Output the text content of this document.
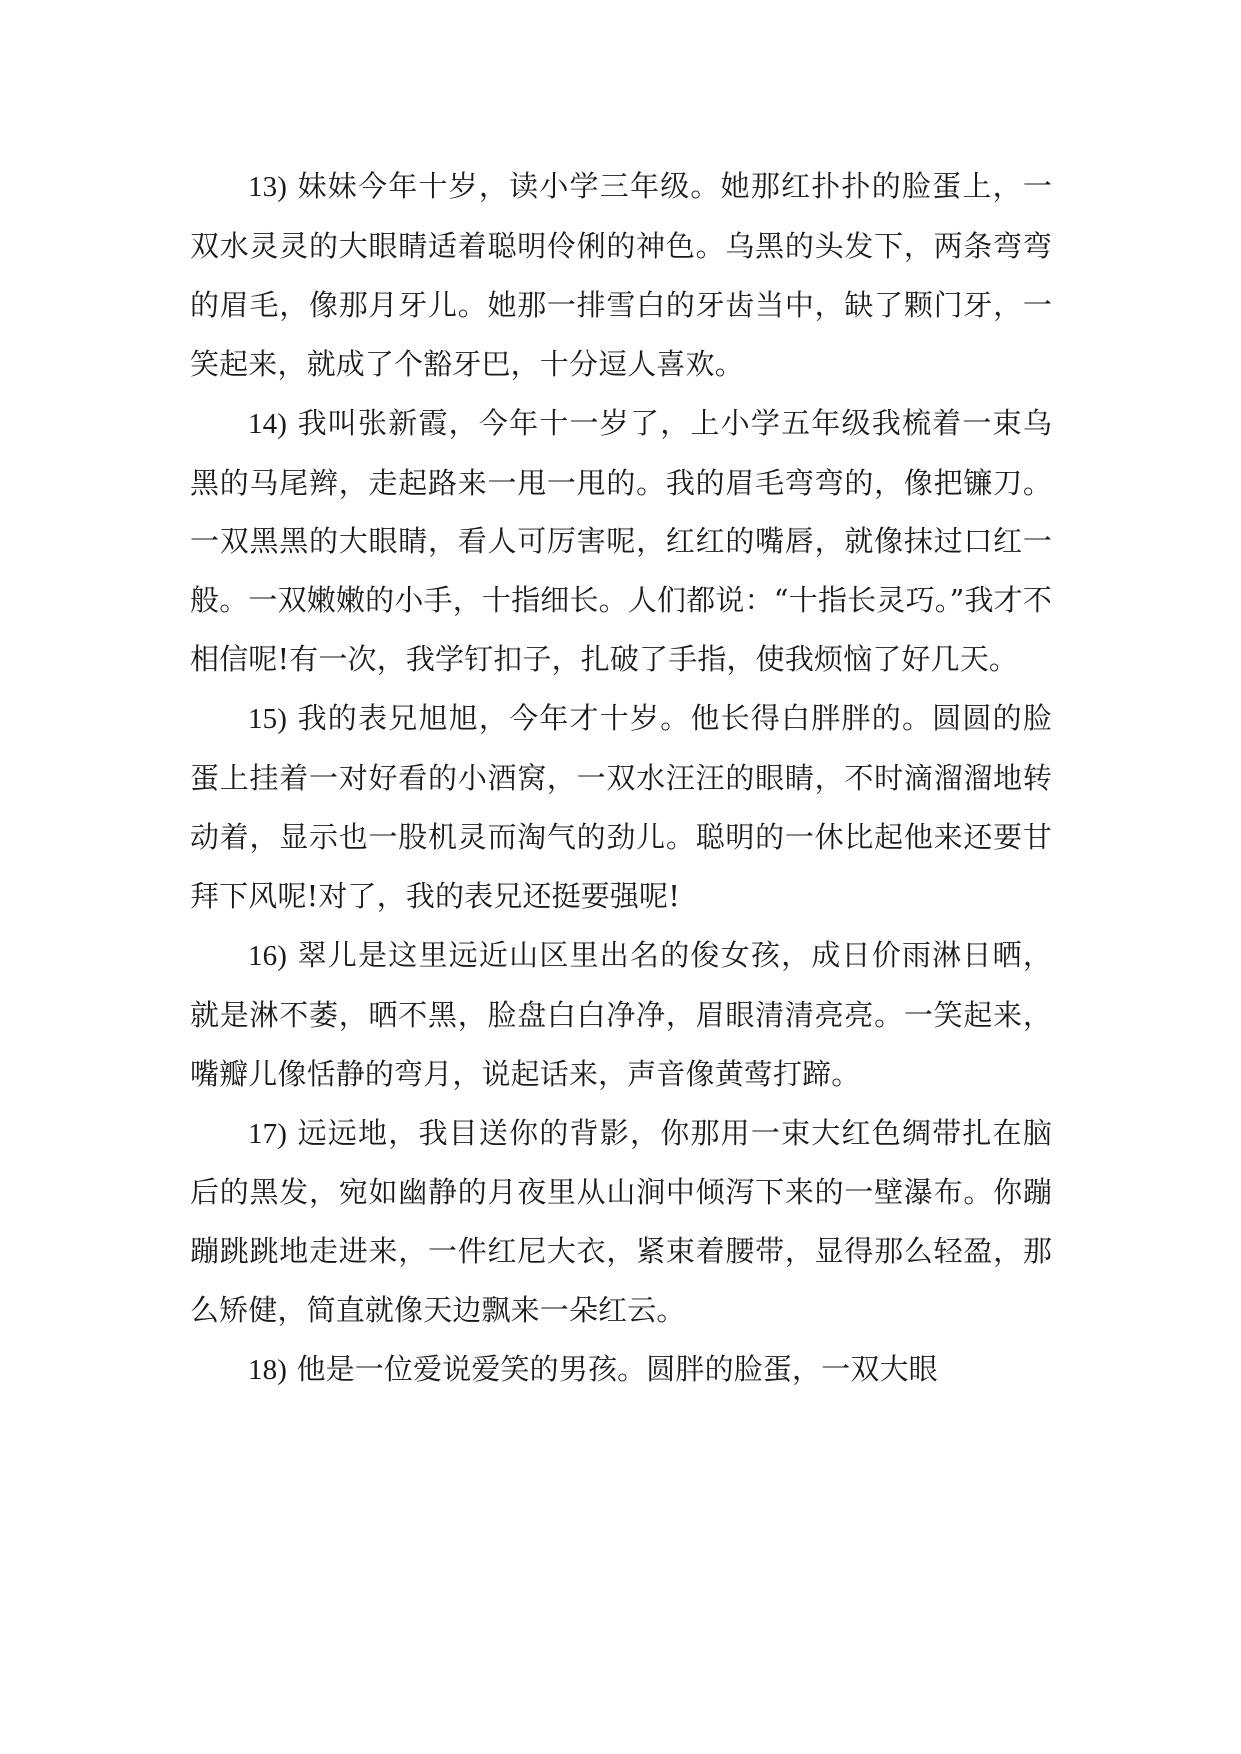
13) 妹妹今年十岁，读小学三年级。她那红扑扑的脸蛋上，一双水灵灵的大眼睛适着聪明伶俐的神色。乌黑的头发下，两条弯弯的眉毛，像那月牙儿。她那一排雪白的牙齿当中，缺了颗门牙，一笑起来，就成了个豁牙巴，十分逗人喜欢。

14) 我叫张新霞，今年十一岁了，上小学五年级我梳着一束乌黑的马尾辫，走起路来一甩一甩的。我的眉毛弯弯的，像把镰刀。一双黑黑的大眼睛，看人可厉害呢，红红的嘴唇，就像抹过口红一般。一双嫩嫩的小手，十指细长。人们都说：“十指长灵巧。”我才不相信呢!有一次，我学钉扣子，扎破了手指，使我烦恼了好几天。

15) 我的表兄旭旭，今年才十岁。他长得白胖胖的。圆圆的脸蛋上挂着一对好看的小酒窝，一双水汪汪的眼睛，不时滴溜溜地转动着，显示也一股机灵而淘气的劲儿。聪明的一休比起他来还要甘拜下风呢!对了，我的表兄还挺要强呢!

16) 翠儿是这里远近山区里出名的俊女孩，成日价雨淋日晒，就是淋不萎，晒不黑，脸盘白白净净，眉眼清清亮亮。一笑起来，嘴瓣儿像恬静的弯月，说起话来，声音像黄莺打蹄。

17) 远远地，我目送你的背影，你那用一束大红色绸带扎在脑后的黑发，宛如幽静的月夜里从山涧中倾泻下来的一壁瀑布。你蹦蹦跳跳地走进来，一件红尼大衣，紧束着腰带，显得那么轻盈，那么矫健，简直就像天边飘来一朵红云。

18) 他是一位爱说爱笑的男孩。圆胖的脸蛋，一双大眼
